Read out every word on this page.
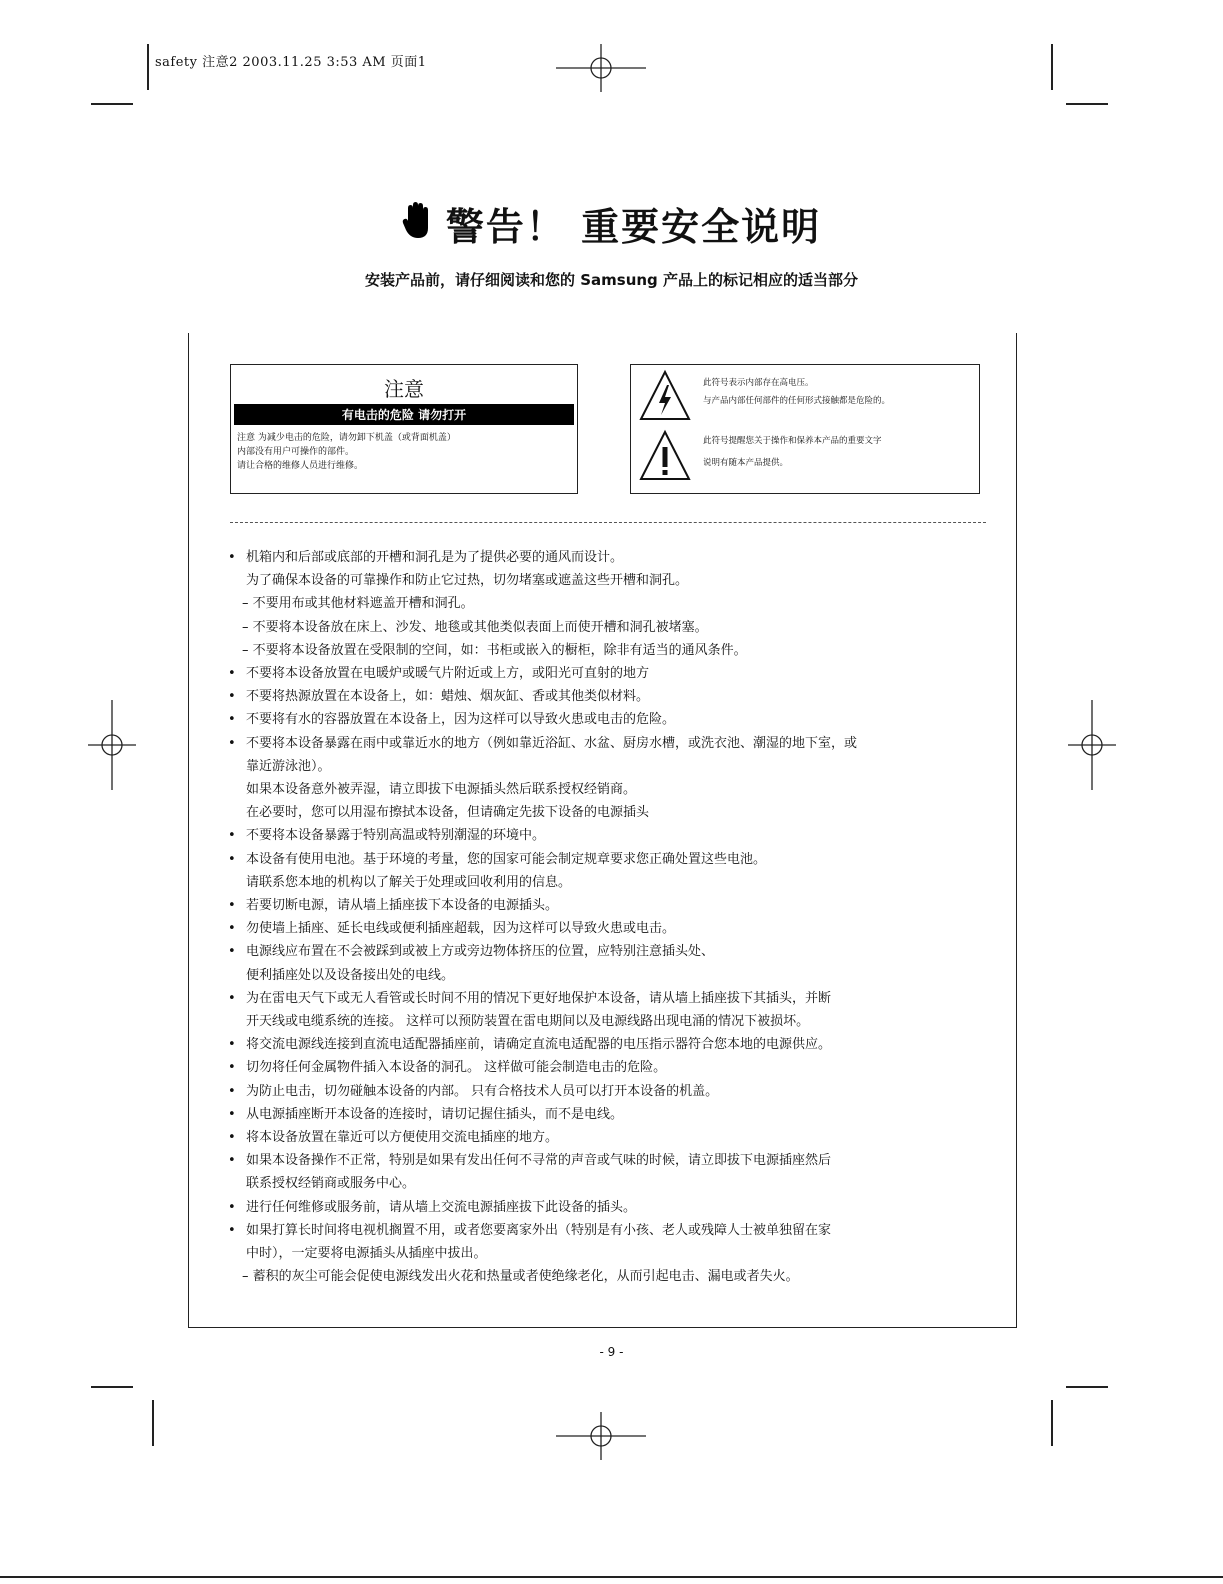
safety 注意2 2003.11.25 3:53 AM 页面1
警告！ 重要安全说明
安装产品前，请仔细阅读和您的 Samsung 产品上的标记相应的适当部分
注意
有电击的危险 请勿打开
注意 为减少电击的危险，请勿卸下机盖（或背面机盖）
内部没有用户可操作的部件。
请让合格的维修人员进行维修。
此符号表示内部存在高电压。
与产品内部任何部件的任何形式接触都是危险的。
此符号提醒您关于操作和保养本产品的重要文字
说明有随本产品提供。

• 机箱内和后部或底部的开槽和洞孔是为了提供必要的通风而设计。

为了确保本设备的可靠操作和防止它过热，切勿堵塞或遮盖这些开槽和洞孔。

– 不要用布或其他材料遮盖开槽和洞孔。

– 不要将本设备放在床上、沙发、地毯或其他类似表面上而使开槽和洞孔被堵塞。

– 不要将本设备放置在受限制的空间，如：书柜或嵌入的橱柜，除非有适当的通风条件。

• 不要将本设备放置在电暖炉或暖气片附近或上方，或阳光可直射的地方

• 不要将热源放置在本设备上，如：蜡烛、烟灰缸、香或其他类似材料。

• 不要将有水的容器放置在本设备上，因为这样可以导致火患或电击的危险。

• 不要将本设备暴露在雨中或靠近水的地方（例如靠近浴缸、水盆、厨房水槽，或洗衣池、潮湿的地下室，或

靠近游泳池）。

如果本设备意外被弄湿，请立即拔下电源插头然后联系授权经销商。

在必要时，您可以用湿布擦拭本设备，但请确定先拔下设备的电源插头

• 不要将本设备暴露于特别高温或特别潮湿的环境中。

• 本设备有使用电池。基于环境的考量，您的国家可能会制定规章要求您正确处置这些电池。

请联系您本地的机构以了解关于处理或回收利用的信息。

• 若要切断电源，请从墙上插座拔下本设备的电源插头。

• 勿使墙上插座、延长电线或便利插座超载，因为这样可以导致火患或电击。

• 电源线应布置在不会被踩到或被上方或旁边物体挤压的位置，应特别注意插头处、

便利插座处以及设备接出处的电线。

• 为在雷电天气下或无人看管或长时间不用的情况下更好地保护本设备，请从墙上插座拔下其插头，并断

开天线或电缆系统的连接。 这样可以预防装置在雷电期间以及电源线路出现电涌的情况下被损坏。

• 将交流电源线连接到直流电适配器插座前，请确定直流电适配器的电压指示器符合您本地的电源供应。

• 切勿将任何金属物件插入本设备的洞孔。 这样做可能会制造电击的危险。

• 为防止电击，切勿碰触本设备的内部。 只有合格技术人员可以打开本设备的机盖。

• 从电源插座断开本设备的连接时，请切记握住插头，而不是电线。

• 将本设备放置在靠近可以方便使用交流电插座的地方。

• 如果本设备操作不正常，特别是如果有发出任何不寻常的声音或气味的时候，请立即拔下电源插座然后

联系授权经销商或服务中心。

• 进行任何维修或服务前，请从墙上交流电源插座拔下此设备的插头。

• 如果打算长时间将电视机搁置不用，或者您要离家外出（特别是有小孩、老人或残障人士被单独留在家

中时），一定要将电源插头从插座中拔出。

– 蓄积的灰尘可能会促使电源线发出火花和热量或者使绝缘老化，从而引起电击、漏电或者失火。

- 9 -
